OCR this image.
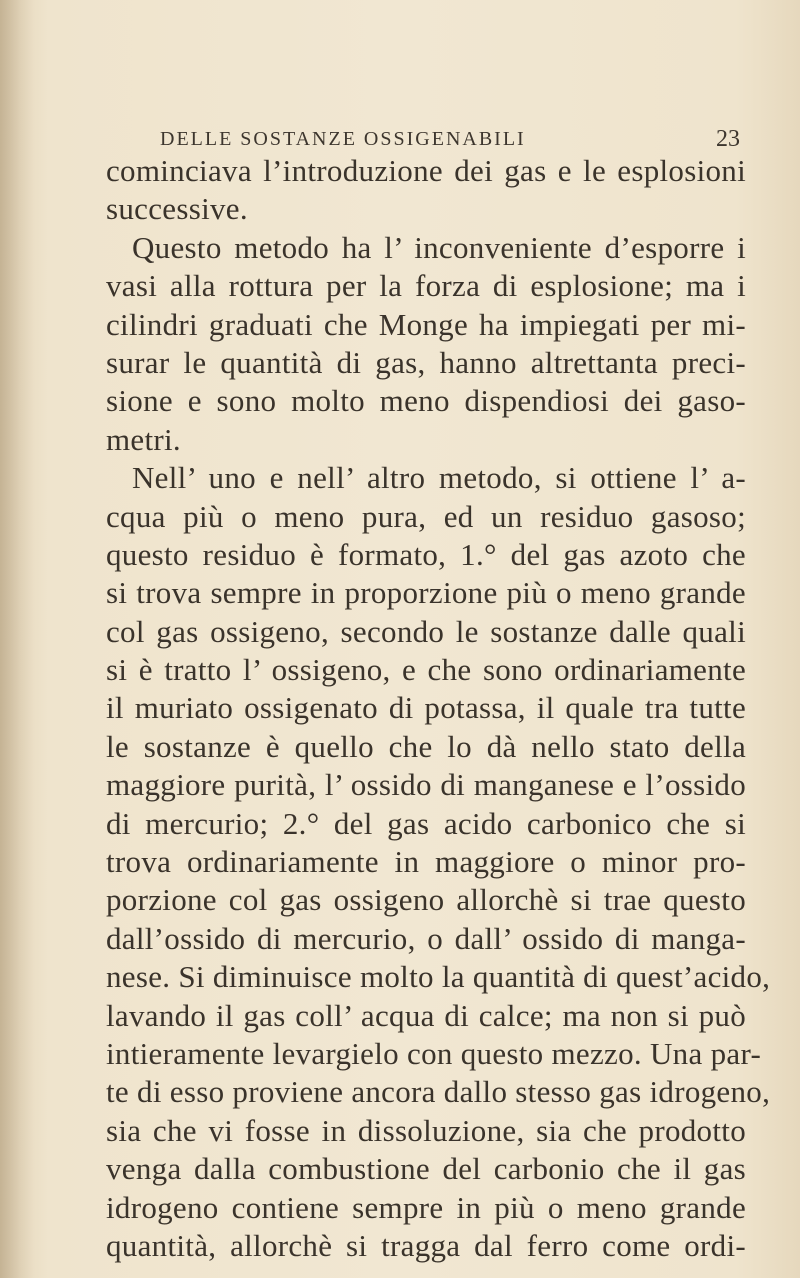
DELLE SOSTANZE OSSIGENABILI	23
cominciava l’introduzione dei gas e le esplosioni
successive.
Questo metodo ha l’ inconveniente d’esporre i
vasi alla rottura per la forza di esplosione; ma i
cilindri graduati che Monge ha impiegati per mi-
surar le quantità di gas, hanno altrettanta preci-
sione e sono molto meno dispendiosi dei gaso-
metri.
Nell’ uno e nell’ altro metodo, si ottiene l’ a-
cqua più o meno pura, ed un residuo gasoso;
questo residuo è formato, 1.° del gas azoto che
si trova sempre in proporzione più o meno grande
col gas ossigeno, secondo le sostanze dalle quali
si è tratto l’ ossigeno, e che sono ordinariamente
il muriato ossigenato di potassa, il quale tra tutte
le sostanze è quello che lo dà nello stato della
maggiore purità, l’ ossido di manganese e l’ossido
di mercurio; 2.° del gas acido carbonico che si
trova ordinariamente in maggiore o minor pro-
porzione col gas ossigeno allorchè si trae questo
dall’ossido di mercurio, o dall’ ossido di manga-
nese. Si diminuisce molto la quantità di quest’acido,
lavando il gas coll’ acqua di calce; ma non si può
intieramente levargielo con questo mezzo. Una par-
te di esso proviene ancora dallo stesso gas idrogeno,
sia che vi fosse in dissoluzione, sia che prodotto
venga dalla combustione del carbonio che il gas
idrogeno contiene sempre in più o meno grande
quantità, allorchè si tragga dal ferro come ordi-
